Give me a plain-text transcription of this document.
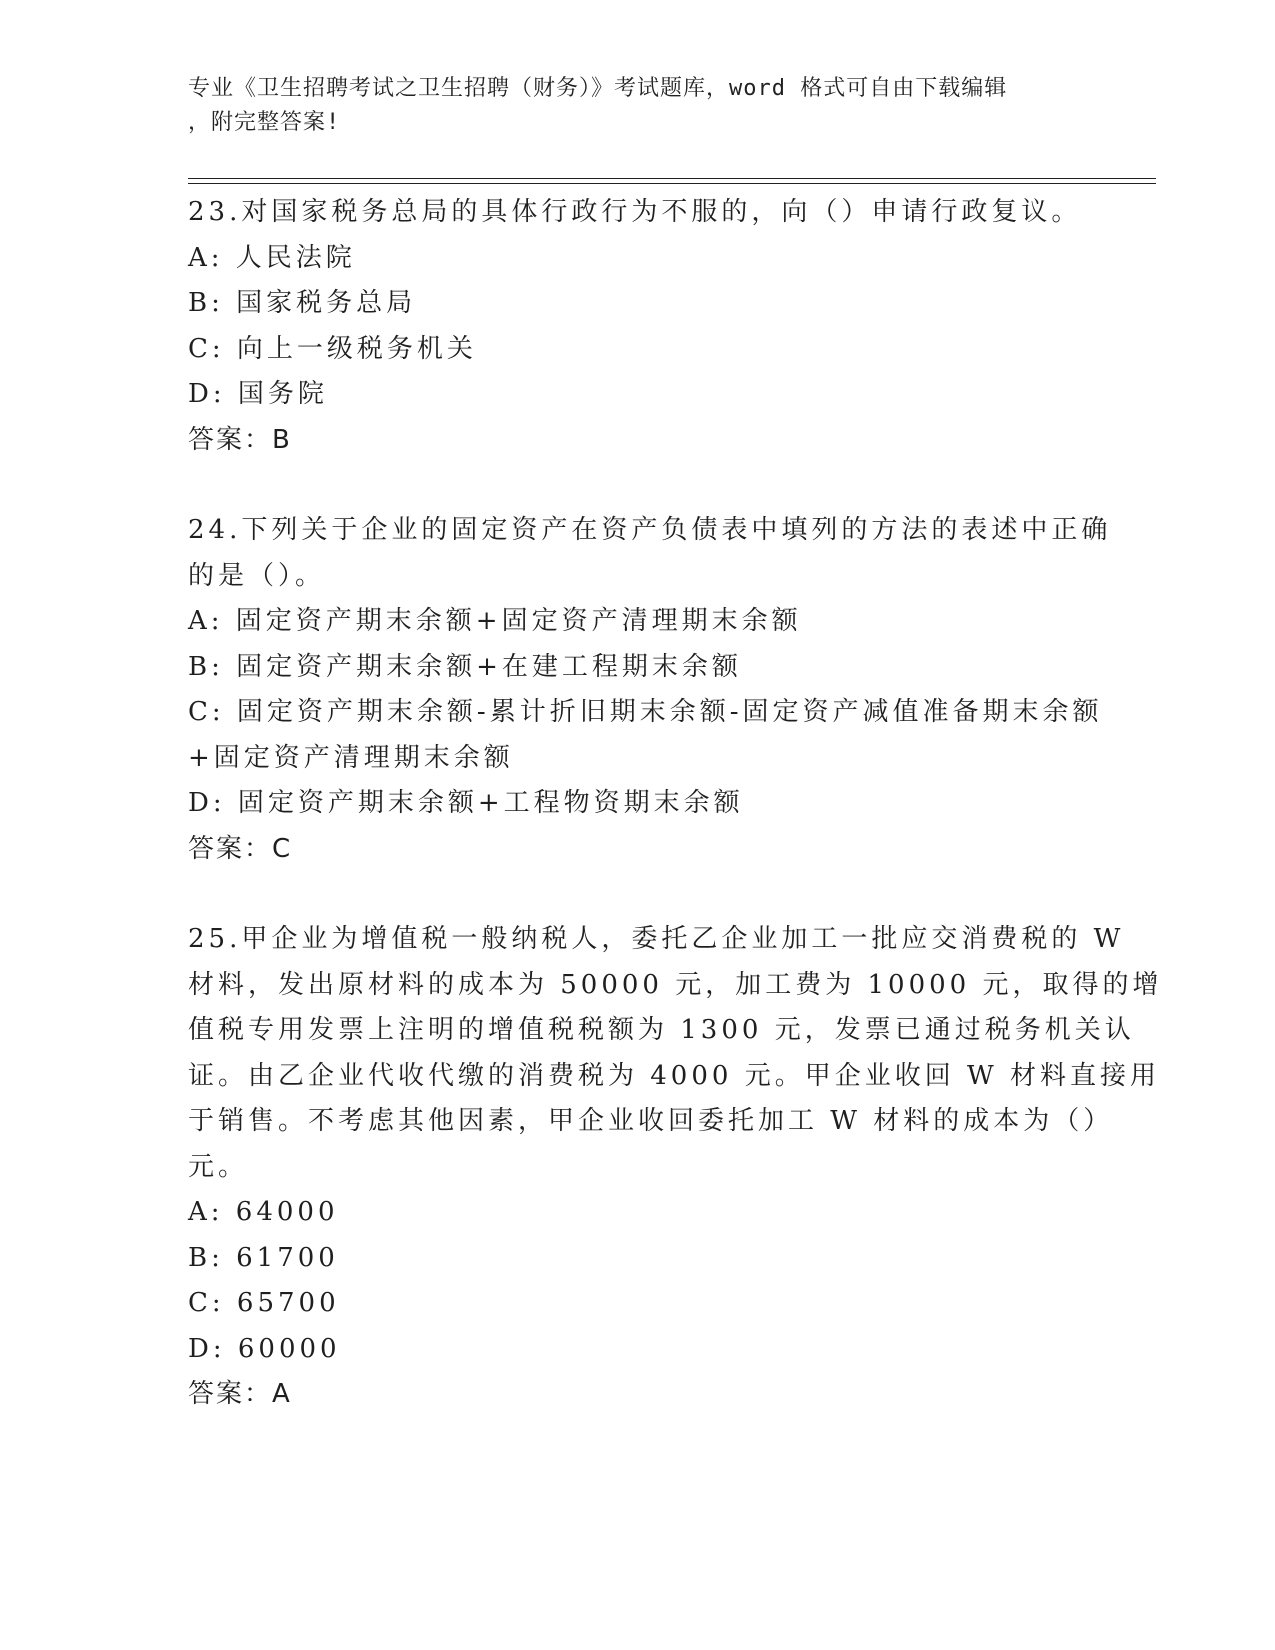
专业《卫生招聘考试之卫生招聘（财务）》考试题库，word 格式可自由下载编辑
，附完整答案!
23.对国家税务总局的具体行政行为不服的，向（）申请行政复议。
A: 人民法院
B: 国家税务总局
C: 向上一级税务机关
D: 国务院
答案：B
24.下列关于企业的固定资产在资产负债表中填列的方法的表述中正确
的是（）。
A: 固定资产期末余额+固定资产清理期末余额
B: 固定资产期末余额+在建工程期末余额
C: 固定资产期末余额-累计折旧期末余额-固定资产减值准备期末余额
+固定资产清理期末余额
D: 固定资产期末余额+工程物资期末余额
答案：C
25.甲企业为增值税一般纳税人，委托乙企业加工一批应交消费税的 W
材料，发出原材料的成本为 50000 元，加工费为 10000 元，取得的增
值税专用发票上注明的增值税税额为 1300 元，发票已通过税务机关认
证。由乙企业代收代缴的消费税为 4000 元。甲企业收回 W 材料直接用
于销售。不考虑其他因素，甲企业收回委托加工 W 材料的成本为（）
元。
A: 64000
B: 61700
C: 65700
D: 60000
答案：A
